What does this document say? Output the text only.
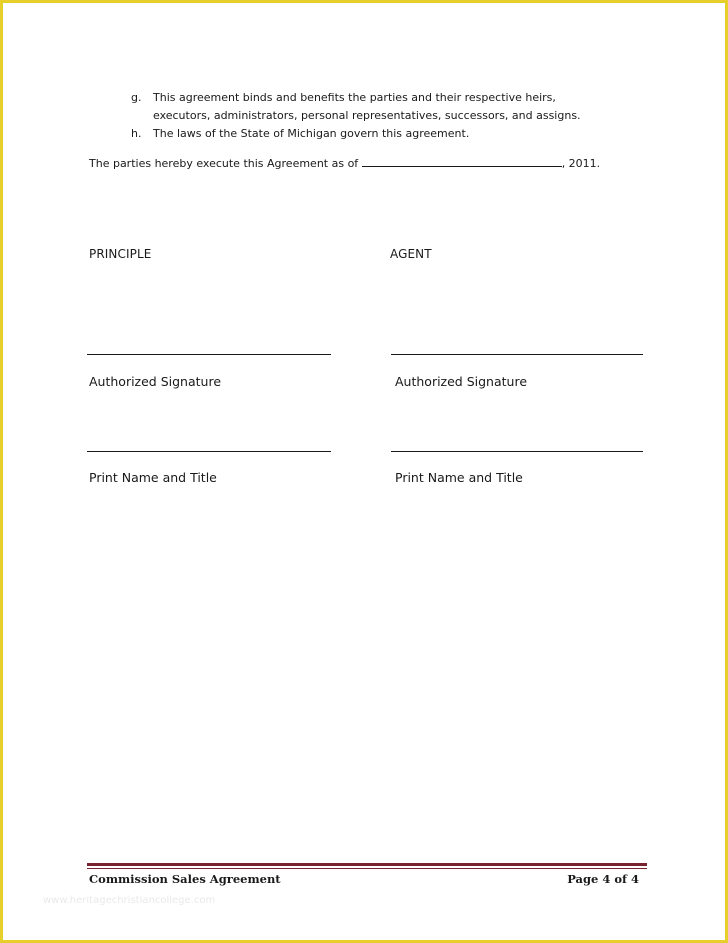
g. This agreement binds and benefits the parties and their respective heirs, executors, administrators, personal representatives, successors, and assigns.
h. The laws of the State of Michigan govern this agreement.
The parties hereby execute this Agreement as of	, 2011.
PRINCIPLE	AGENT
Authorized Signature	Authorized Signature
Print Name and Title	Print Name and Title
Commission Sales Agreement	Page 4 of 4
www.heritagechristiancollege.com
